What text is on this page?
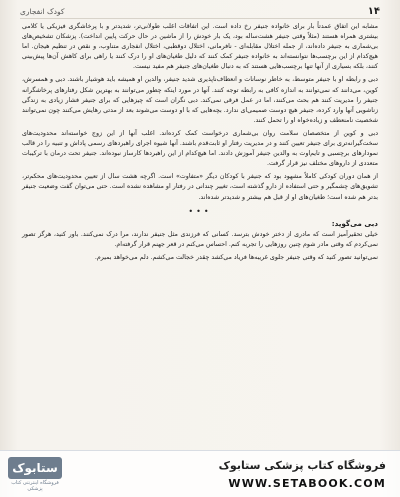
۱۴
کودک انفجاری

مشابه این اتفاق عمدتاً بار برای خانواده جنیفر رخ داده است. این اتفاقات اغلب طولانی‌تر، شدیدتر و با پرخاشگری فیزیکی یا کلامی بیشتری همراه هستند (مثلاً وقتی جنیفر هشت‌ساله بود، یک بار خودش را از ماشین در حال حرکت پایین انداخت). پزشکان تشخیص‌های بی‌شماری به جنیفر داده‌اند، از جمله اختلال مقابله‌ای - نافرمانی، اختلال دوقطبی، اختلال انفجاری متناوب، و نقص در تنظیم هیجان. اما هیچ‌کدام از این برچسب‌ها نتوانسته‌اند به خانواده جنیفر کمک کنند که دلیل طغیان‌های او را درک کنند یا راهی برای کاهش آن‌ها پیش‌بینی کنند، بلکه بسیاری از آنها تنها برچسب‌هایی هستند که به دنبال طغیان‌های جنیفر هم مفید نیست.

دبی و رابطه او با جنیفر متوسط، به خاطر نوسانات و انعطاف‌ناپذیری شدید جنیفر، والدین او همیشه باید هوشیار باشند. دبی و همسرش، کوین، می‌دانند که نمی‌توانند به اندازه کافی به رابطه توجه کنند. آنها در مورد اینکه چطور می‌توانند به بهترین شکل رفتارهای پرخاشگرانه جنیفر را مدیریت کنند هم بحث می‌کنند، اما در عمل فرقی نمی‌کند. دبی نگران است که چیزهایی که برای جنیفر فشار زیادی به زندگی زناشویی آنها وارد کرده، جنیفر هیچ دوست صمیمی‌ای ندارد. بچه‌هایی که با او دوست می‌شوند بعد از مدتی رهایش می‌کنند چون نمی‌توانند شخصیت نامنعطف و زیاده‌خواه او را تحمل کنند.

دبی و کوین از متخصصان سلامت روان بی‌شماری درخواست کمک کرده‌اند. اغلب آنها از این زوج خواسته‌اند محدودیت‌های سخت‌گیرانه‌تری برای جنیفر تعیین کنند و در مدیریت رفتار او ثابت‌قدم باشند. آنها شیوه اجرای راهبردهای رسمی پاداش و تنبیه را در قالب نمودارهای برچسبی و تایم‌اوت به والدین جنیفر آموزش دادند. اما هیچ‌کدام از این راهبردها کارساز نبوده‌اند. جنیفر تحت درمان با ترکیبات متعددی از داروهای مختلف نیز قرار گرفت.

از همان دوران کودکی کاملاً مشهود بود که جنیفر با کودکان دیگر «متفاوت» است. اگرچه هشت سال از تعیین محدودیت‌های محکم‌تر، تشویق‌های چشمگیر و حتی استفاده از دارو گذشته است، تغییر چندانی در رفتار او مشاهده نشده است. حتی می‌توان گفت وضعیت جنیفر بدتر هم شده است؛ طغیان‌های او از قبل هم بیشتر و شدیدتر شده‌اند.

•••
دبی می‌گوید:

خیلی تحقیرآمیز است که مادری از دختر خودش بترسد. کسانی که فرزندی مثل جنیفر ندارند، مرا درک نمی‌کنند. باور کنید، هرگز تصور نمی‌کردم که وقتی مادر شوم چنین روزهایی را تجربه کنم. احساس می‌کنم در قعر جهنم قرار گرفته‌ام.

نمی‌توانید تصور کنید که وقتی جنیفر جلوی غریبه‌ها فریاد می‌کشد چقدر خجالت می‌کشم. دلم می‌خواهد بمیرم.

ستابوک
فروشگاه اینترنتی کتاب پزشکی
فروشگاه کتاب پزشکی ستابوک
WWW.SETABOOK.COM
